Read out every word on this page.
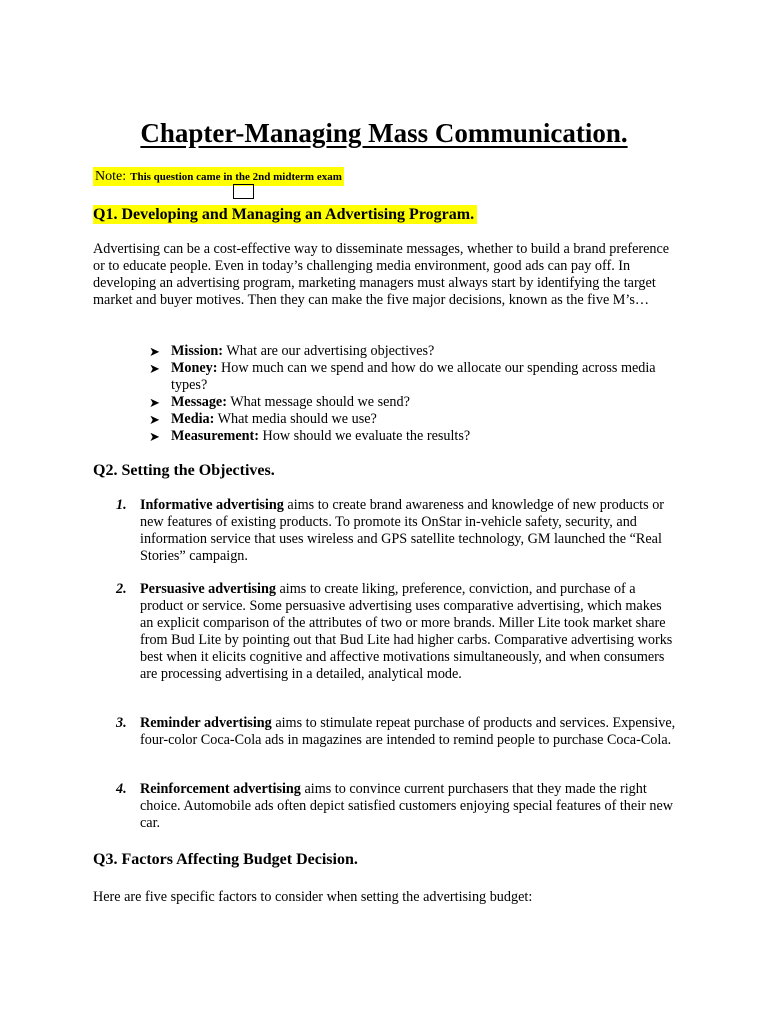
Chapter-Managing Mass Communication.
Note: This question came in the 2nd midterm exam
Q1. Developing and Managing an Advertising Program.
Advertising can be a cost-effective way to disseminate messages, whether to build a brand preference or to educate people. Even in today’s challenging media environment, good ads can pay off. In developing an advertising program, marketing managers must always start by identifying the target market and buyer motives. Then they can make the five major decisions, known as the five M’s…
➤ Mission: What are our advertising objectives?
➤ Money: How much can we spend and how do we allocate our spending across media types?
➤ Message: What message should we send?
➤ Media: What media should we use?
➤ Measurement: How should we evaluate the results?
Q2. Setting the Objectives.
1. Informative advertising aims to create brand awareness and knowledge of new products or new features of existing products. To promote its OnStar in-vehicle safety, security, and information service that uses wireless and GPS satellite technology, GM launched the “Real Stories” campaign.
2. Persuasive advertising aims to create liking, preference, conviction, and purchase of a product or service. Some persuasive advertising uses comparative advertising, which makes an explicit comparison of the attributes of two or more brands. Miller Lite took market share from Bud Lite by pointing out that Bud Lite had higher carbs. Comparative advertising works best when it elicits cognitive and affective motivations simultaneously, and when consumers are processing advertising in a detailed, analytical mode.
3. Reminder advertising aims to stimulate repeat purchase of products and services. Expensive, four-color Coca-Cola ads in magazines are intended to remind people to purchase Coca-Cola.
4. Reinforcement advertising aims to convince current purchasers that they made the right choice. Automobile ads often depict satisfied customers enjoying special features of their new car.
Q3. Factors Affecting Budget Decision.
Here are five specific factors to consider when setting the advertising budget:
